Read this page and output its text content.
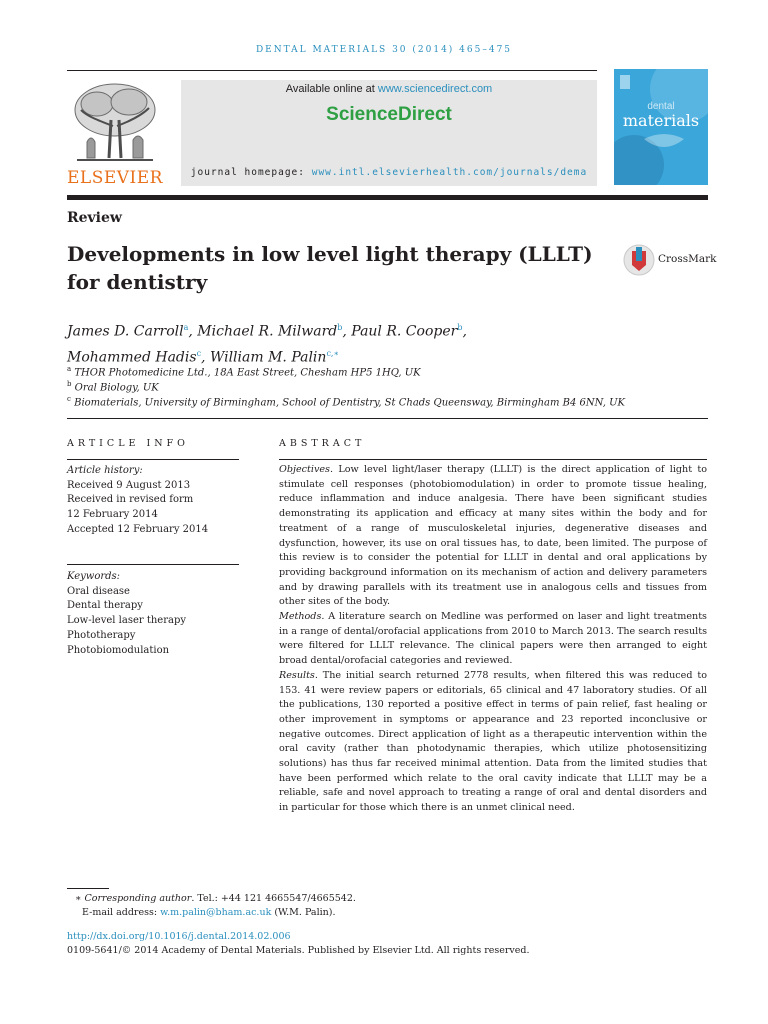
DENTAL MATERIALS 30 (2014) 465–475
ELSEVIER
Available online at www.sciencedirect.com
ScienceDirect
journal homepage: www.intl.elsevierhealth.com/journals/dema
dental
materials
Review
Developments in low level light therapy (LLLT) for dentistry
CrossMark
James D. Carroll$^a$, Michael R. Milward$^b$, Paul R. Cooper$^b$,
Mohammed Hadis$^c$, William M. Palin$^{c,∗}$
$^a$ THOR Photomedicine Ltd., 18A East Street, Chesham HP5 1HQ, UK
$^b$ Oral Biology, UK
$^c$ Biomaterials, University of Birmingham, School of Dentistry, St Chads Queensway, Birmingham B4 6NN, UK
ARTICLE INFO
Article history:
Received 9 August 2013
Received in revised form
12 February 2014
Accepted 12 February 2014
Keywords:
Oral disease
Dental therapy
Low-level laser therapy
Phototherapy
Photobiomodulation
ABSTRACT

Objectives. Low level light/laser therapy (LLLT) is the direct application of light to stimulate cell responses (photobiomodulation) in order to promote tissue healing, reduce inflammation and induce analgesia. There have been significant studies demonstrating its application and efficacy at many sites within the body and for treatment of a range of musculoskeletal injuries, degenerative diseases and dysfunction, however, its use on oral tissues has, to date, been limited. The purpose of this review is to consider the potential for LLLT in dental and oral applications by providing background information on its mechanism of action and delivery parameters and by drawing parallels with its treatment use in analogous cells and tissues from other sites of the body.

Methods. A literature search on Medline was performed on laser and light treatments in a range of dental/orofacial applications from 2010 to March 2013. The search results were filtered for LLLT relevance. The clinical papers were then arranged to eight broad dental/orofacial categories and reviewed.

Results. The initial search returned 2778 results, when filtered this was reduced to 153. 41 were review papers or editorials, 65 clinical and 47 laboratory studies. Of all the publications, 130 reported a positive effect in terms of pain relief, fast healing or other improvement in symptoms or appearance and 23 reported inconclusive or negative outcomes. Direct application of light as a therapeutic intervention within the oral cavity (rather than photodynamic therapies, which utilize photosensitizing solutions) has thus far received minimal attention. Data from the limited studies that have been performed which relate to the oral cavity indicate that LLLT may be a reliable, safe and novel approach to treating a range of oral and dental disorders and in particular for those which there is an unmet clinical need.

∗ Corresponding author. Tel.: +44 121 4665547/4665542.
E-mail address: w.m.palin@bham.ac.uk (W.M. Palin).
http://dx.doi.org/10.1016/j.dental.2014.02.006
0109-5641/© 2014 Academy of Dental Materials. Published by Elsevier Ltd. All rights reserved.
